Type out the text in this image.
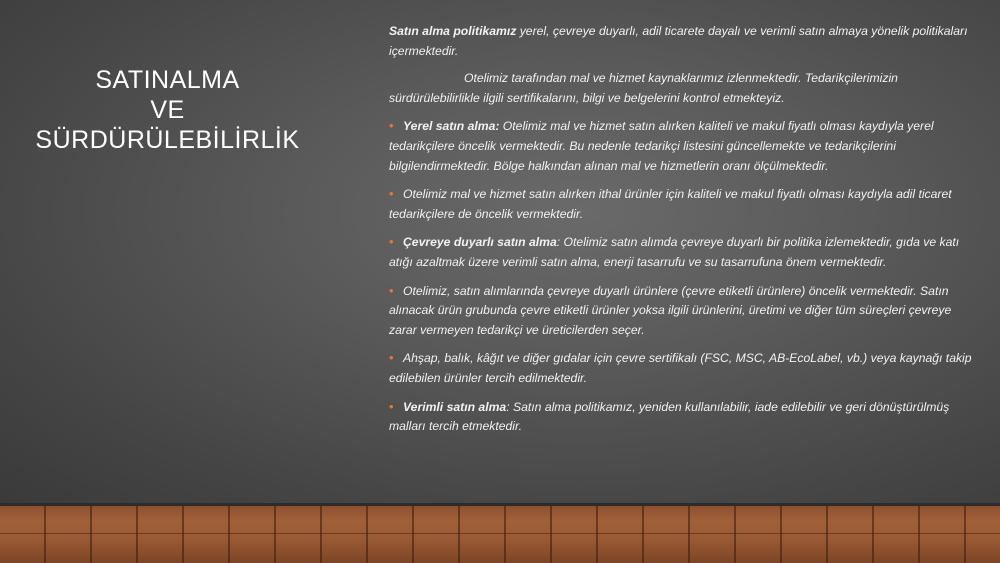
SATINALMA
VE
SÜRDÜRÜLEBİLİRLİK

Satın alma politikamız yerel, çevreye duyarlı, adil ticarete dayalı ve verimli satın almaya yönelik politikaları içermektedir.

Otelimiz tarafından mal ve hizmet kaynaklarımız izlenmektedir. Tedarikçilerimizin sürdürülebilirlikle ilgili sertifikalarını, bilgi ve belgelerini kontrol etmekteyiz.

• Yerel satın alma: Otelimiz mal ve hizmet satın alırken kaliteli ve makul fiyatlı olması kaydıyla yerel tedarikçilere öncelik vermektedir. Bu nedenle tedarikçi listesini güncellemekte ve tedarikçilerini bilgilendirmektedir. Bölge halkından alınan mal ve hizmetlerin oranı ölçülmektedir.

• Otelimiz mal ve hizmet satın alırken ithal ürünler için kaliteli ve makul fiyatlı olması kaydıyla adil ticaret tedarikçilere de öncelik vermektedir.

• Çevreye duyarlı satın alma: Otelimiz satın alımda çevreye duyarlı bir politika izlemektedir, gıda ve katı atığı azaltmak üzere verimli satın alma, enerji tasarrufu ve su tasarrufuna önem vermektedir.

• Otelimiz, satın alımlarında çevreye duyarlı ürünlere (çevre etiketli ürünlere) öncelik vermektedir. Satın alınacak ürün grubunda çevre etiketli ürünler yoksa ilgili ürünlerini, üretimi ve diğer tüm süreçleri çevreye zarar vermeyen tedarikçi ve üreticilerden seçer.

• Ahşap, balık, kâğıt ve diğer gıdalar için çevre sertifikalı (FSC, MSC, AB-EcoLabel, vb.) veya kaynağı takip edilebilen ürünler tercih edilmektedir.

• Verimli satın alma: Satın alma politikamız, yeniden kullanılabilir, iade edilebilir ve geri dönüştürülmüş malları tercih etmektedir.
